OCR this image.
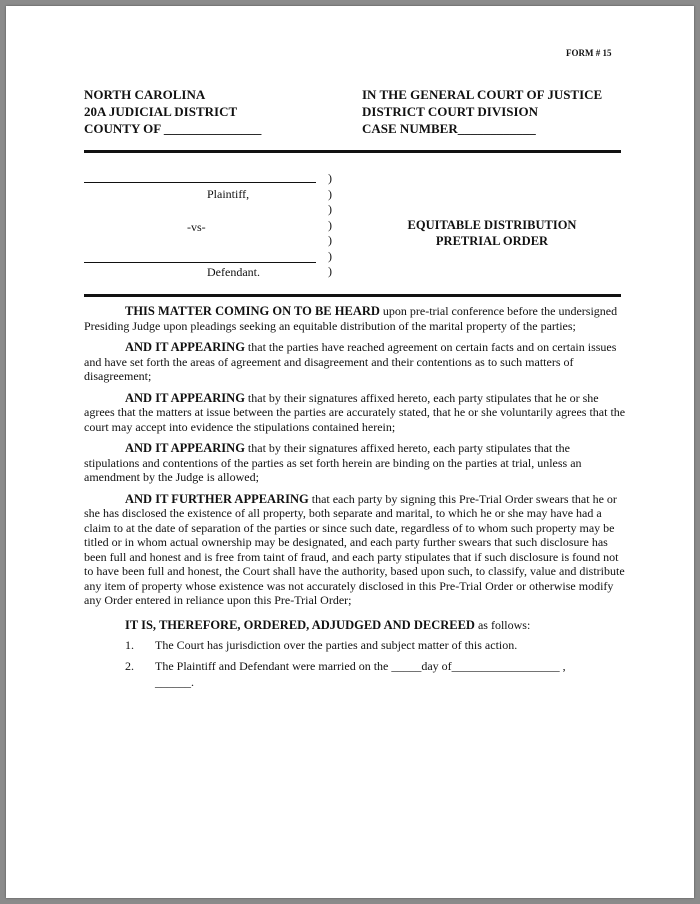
FORM # 15
NORTH CAROLINA
20A JUDICIAL DISTRICT
COUNTY OF _______________
IN THE GENERAL COURT OF JUSTICE
DISTRICT COURT DIVISION
CASE NUMBER____________
Plaintiff,
-vs-
Defendant.
)
)
)
)
)
)
)
EQUITABLE DISTRIBUTION
PRETRIAL ORDER

THIS MATTER COMING ON TO BE HEARD upon pre-trial conference before the undersigned Presiding Judge upon pleadings seeking an equitable distribution of the marital property of the parties;

AND IT APPEARING that the parties have reached agreement on certain facts and on certain issues and have set forth the areas of agreement and disagreement and their contentions as to such matters of disagreement;

AND IT APPEARING that by their signatures affixed hereto, each party stipulates that he or she agrees that the matters at issue between the parties are accurately stated, that he or she voluntarily agrees that the court may accept into evidence the stipulations contained herein;

AND IT APPEARING that by their signatures affixed hereto, each party stipulates that the stipulations and contentions of the parties as set forth herein are binding on the parties at trial, unless an amendment by the Judge is allowed;

AND IT FURTHER APPEARING that each party by signing this Pre-Trial Order swears that he or she has disclosed the existence of all property, both separate and marital, to which he or she may have had a claim to at the date of separation of the parties or since such date, regardless of to whom such property may be titled or in whom actual ownership may be designated, and each party further swears that such disclosure has been full and honest and is free from taint of fraud, and each party stipulates that if such disclosure is found not to have been full and honest, the Court shall have the authority, based upon such, to classify, value and distribute any item of property whose existence was not accurately disclosed in this Pre-Trial Order or otherwise modify any Order entered in reliance upon this Pre-Trial Order;

IT IS, THEREFORE, ORDERED, ADJUDGED AND DECREED as follows:
1.	The Court has jurisdiction over the parties and subject matter of this action.
2.	The Plaintiff and Defendant were married on the _____day of__________________ ,
______.
